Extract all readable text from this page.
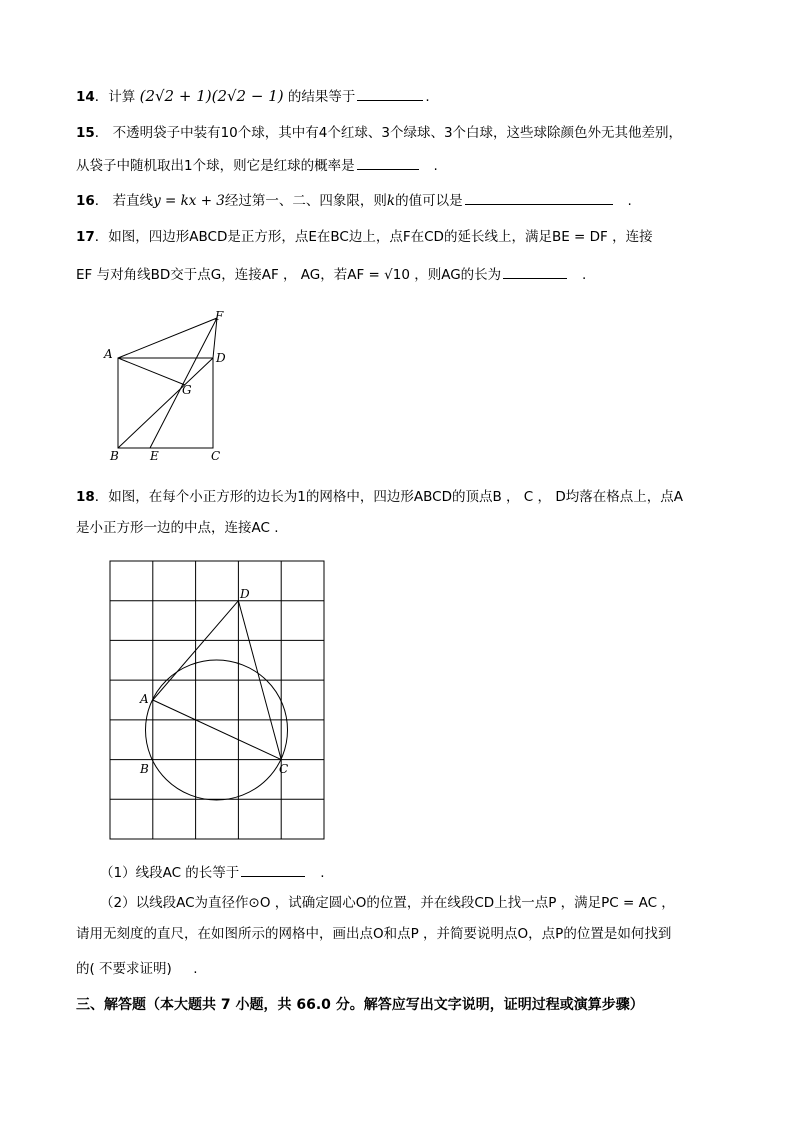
14．计算 (2√2 + 1)(2√2 − 1) 的结果等于	.
15． 不透明袋子中装有10个球，其中有4个红球、3个绿球、3个白球，这些球除颜色外无其他差别，
从袋子中随机取出1个球，则它是红球的概率是	.
16． 若直线y = kx + 3经过第一、二、四象限，则k的值可以是	.
17．如图，四边形ABCD是正方形，点E在BC边上，点F在CD的延长线上，满足BE = DF ，连接
EF 与对角线BD交于点G，连接AF ， AG，若AF = √10 ，则AG的长为	.
A	D
F
G
B	E	C
18．如图，在每个小正方形的边长为1的网格中，四边形ABCD的顶点B ， C ， D均落在格点上，点A
是小正方形一边的中点，连接AC .
D
A
B	C
（1）线段AC 的长等于	.
（2）以线段AC为直径作⊙O ，试确定圆心O的位置，并在线段CD上找一点P ，满足PC = AC ，
请用无刻度的直尺，在如图所示的网格中，画出点O和点P ，并简要说明点O，点P的位置是如何找到
的( 不要求证明) .
三、解答题（本大题共 7 小题，共 66.0 分。解答应写出文字说明，证明过程或演算步骤）
